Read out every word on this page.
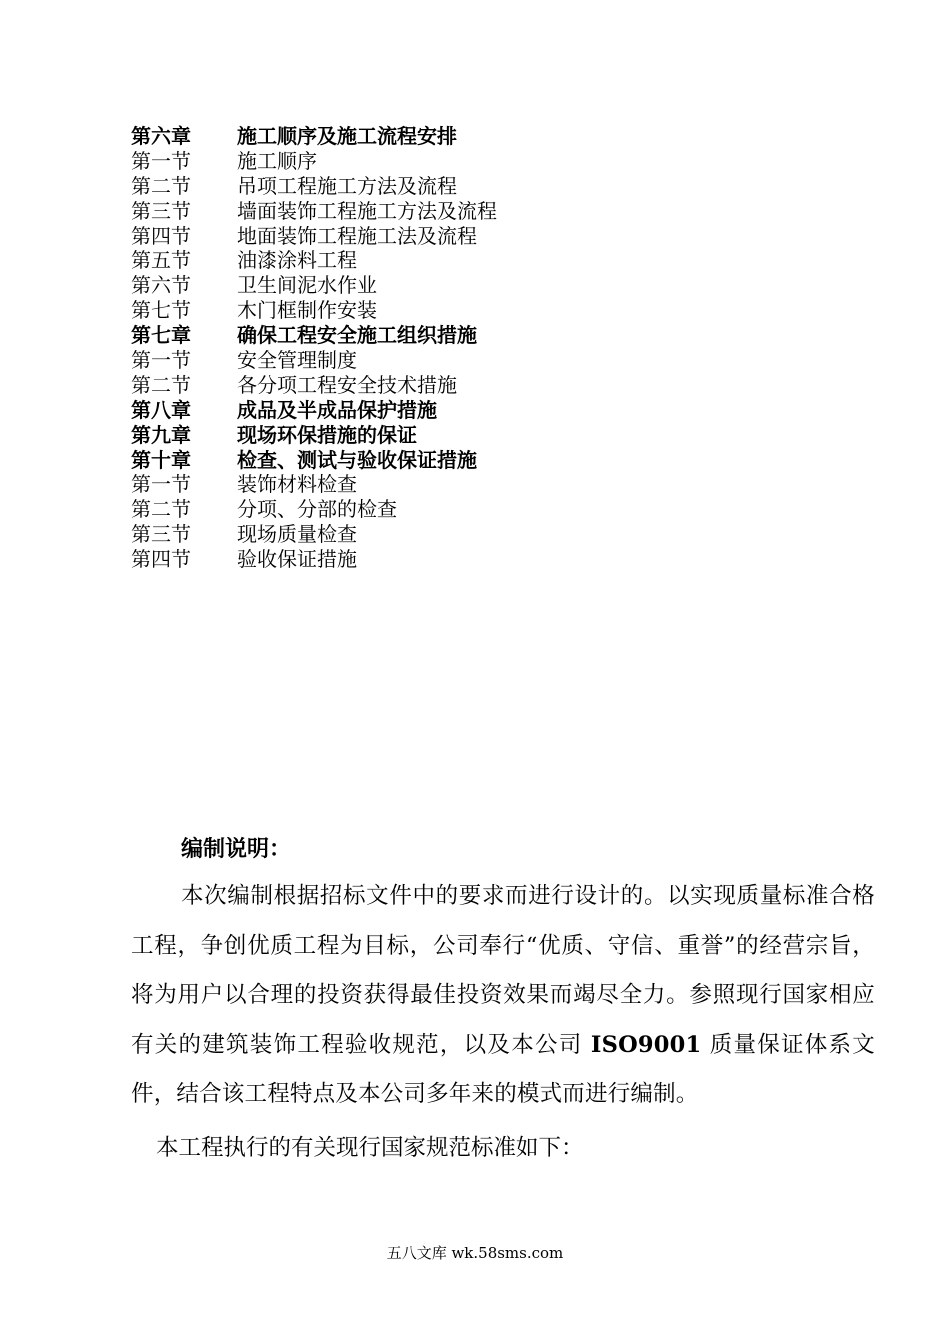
第六章	施工顺序及施工流程安排
第一节	施工顺序
第二节	吊项工程施工方法及流程
第三节	墙面装饰工程施工方法及流程
第四节	地面装饰工程施工法及流程
第五节	油漆涂料工程
第六节	卫生间泥水作业
第七节	木门框制作安装
第七章	确保工程安全施工组织措施
第一节	安全管理制度
第二节	各分项工程安全技术措施
第八章	成品及半成品保护措施
第九章	现场环保措施的保证
第十章	检查、测试与验收保证措施
第一节	装饰材料检查
第二节	分项、分部的检查
第三节	现场质量检查
第四节	验收保证措施
编制说明：

本次编制根据招标文件中的要求而进行设计的。以实现质量标准合格工程，争创优质工程为目标，公司奉行“优质、守信、重誉”的经营宗旨，将为用户以合理的投资获得最佳投资效果而竭尽全力。参照现行国家相应有关的建筑装饰工程验收规范，以及本公司 ISO9001 质量保证体系文件，结合该工程特点及本公司多年来的模式而进行编制。

本工程执行的有关现行国家规范标准如下：

五八文库 wk.58sms.com
